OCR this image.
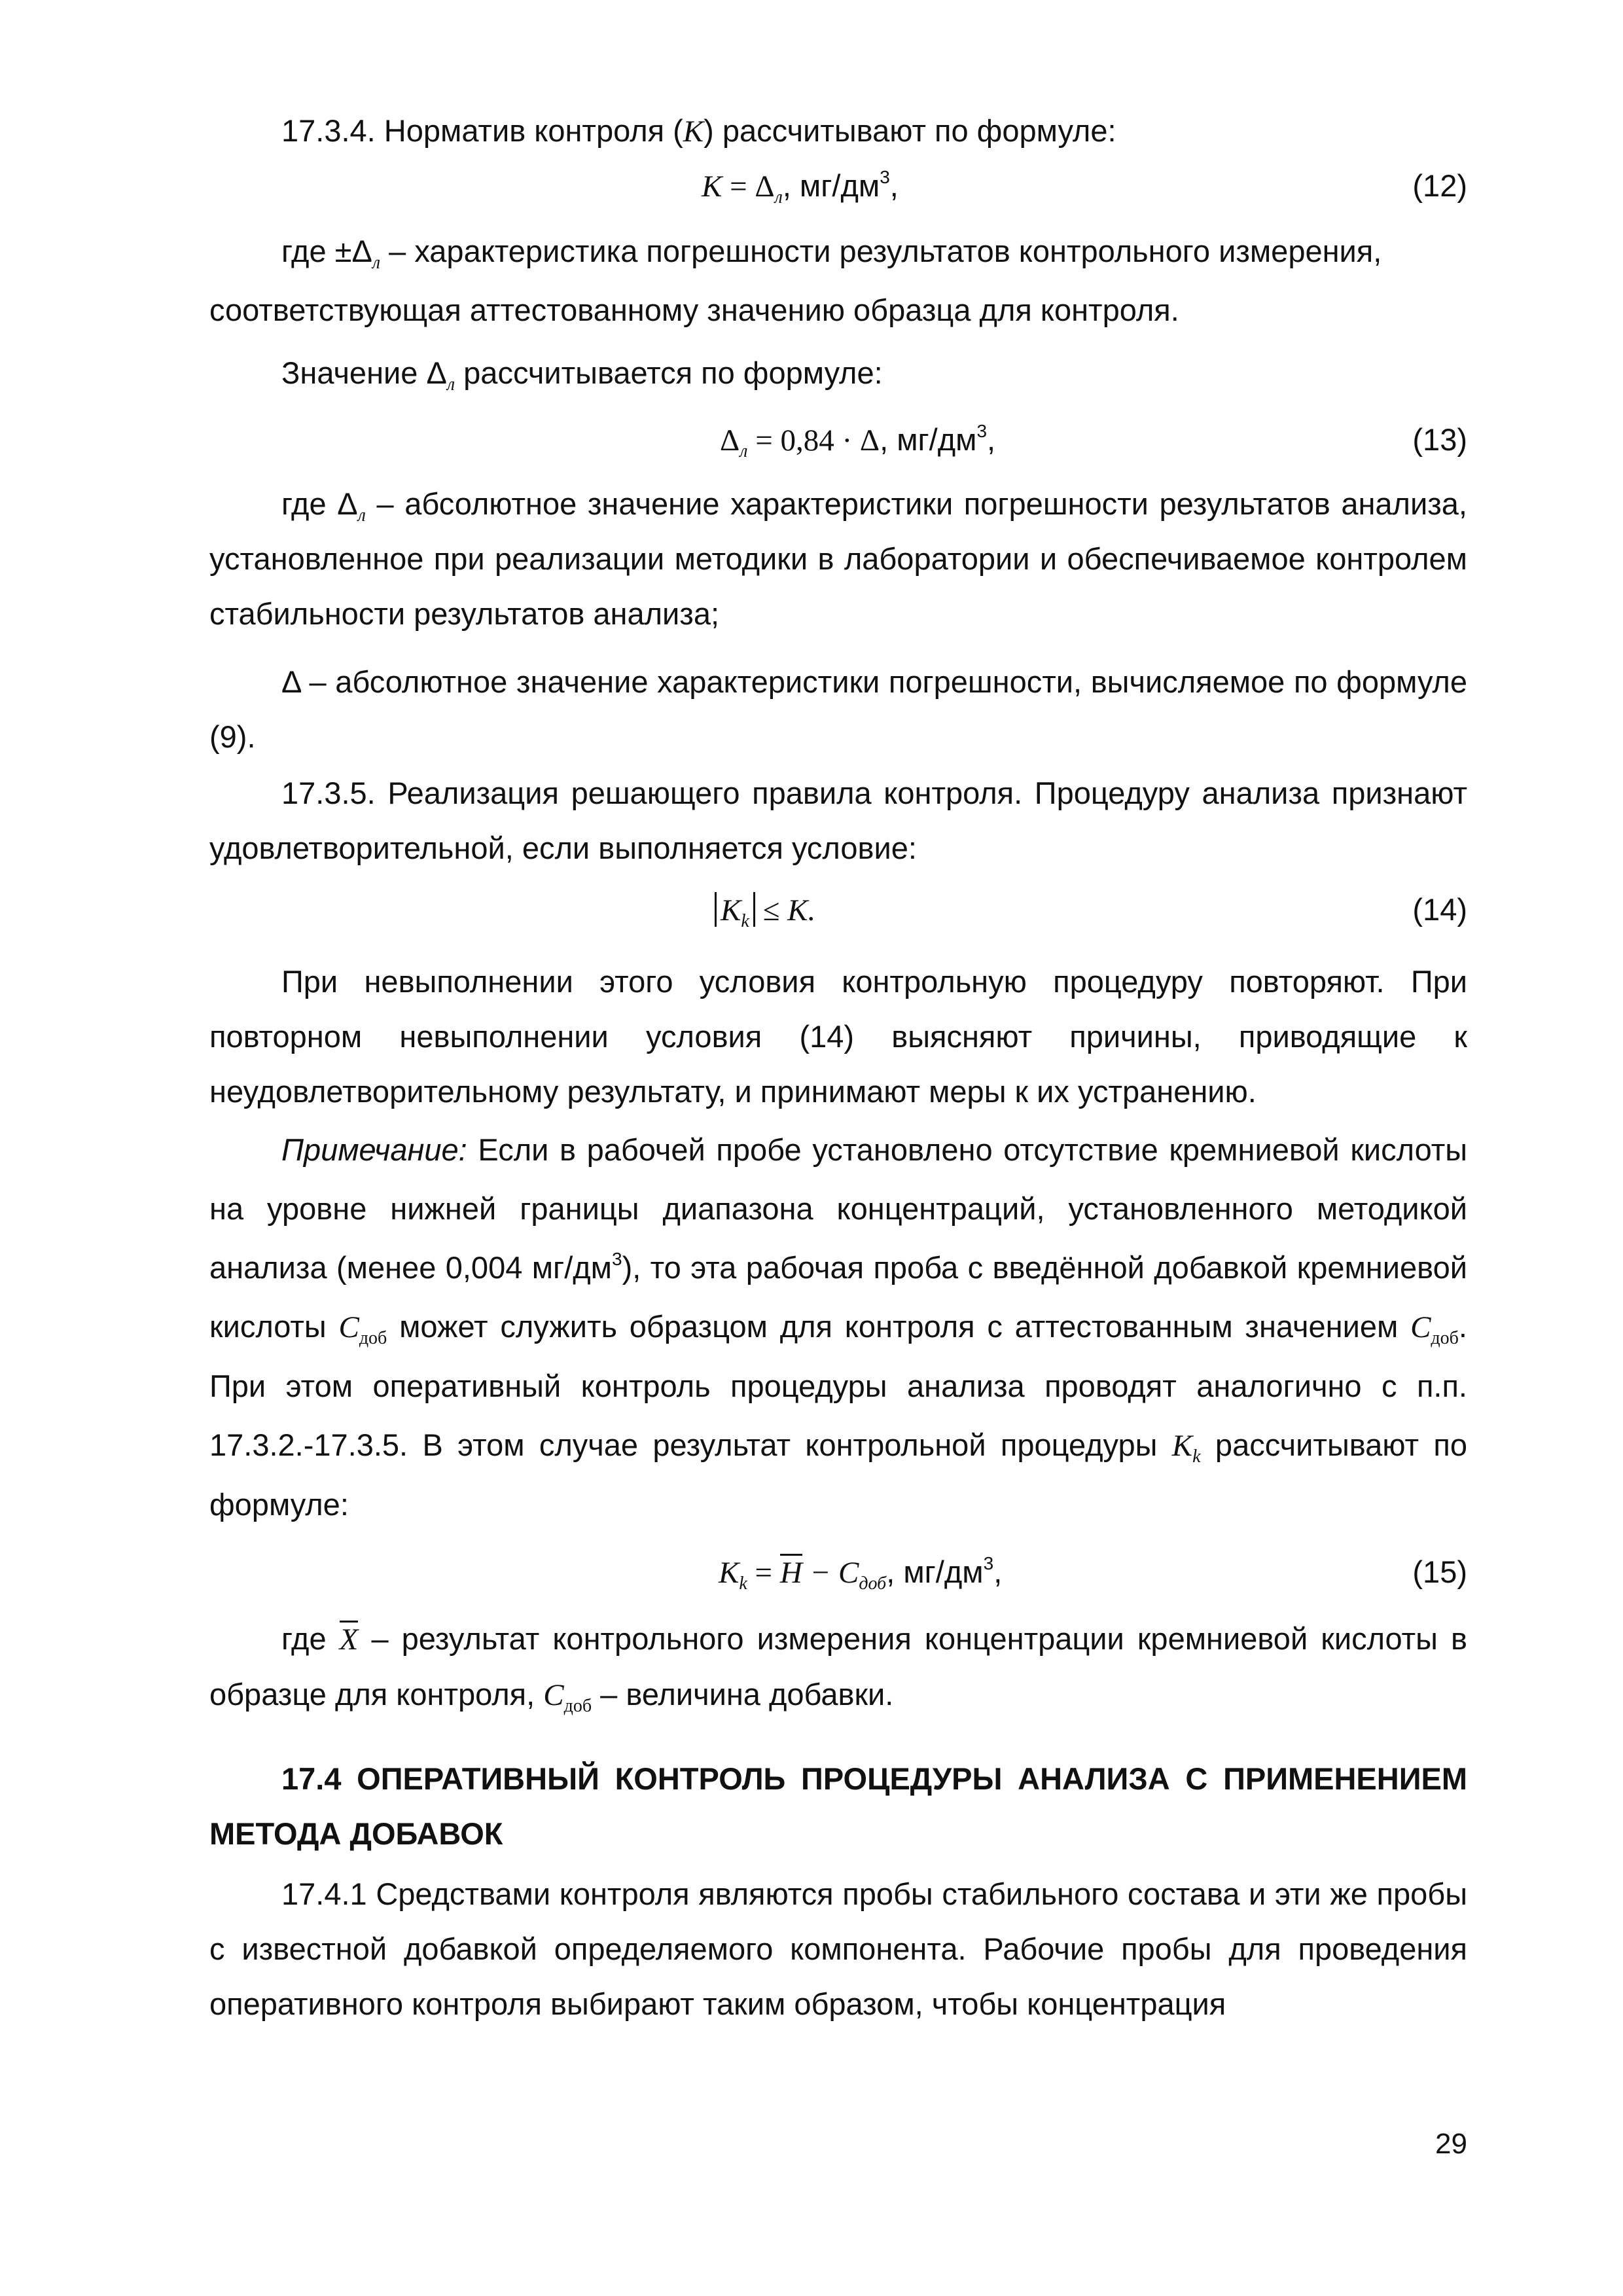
17.3.4. Норматив контроля (K) рассчитывают по формуле:
$K = \Delta_л$, $мг/дм^3$,	(12)
где $\pm\Delta_л$ – характеристика погрешности результатов контрольного измерения,
соответствующая аттестованному значению образца для контроля.
Значение $\Delta_л$ рассчитывается по формуле:
$\Delta_л = 0,84 \cdot \Delta$, $мг/дм^3$,	(13)
где $\Delta_л$ – абсолютное значение характеристики погрешности результатов анализа, установленное при реализации методики в лаборатории и обеспечиваемое контролем стабильности результатов анализа;
Δ – абсолютное значение характеристики погрешности, вычисляемое по формуле (9).
17.3.5. Реализация решающего правила контроля. Процедуру анализа признают удовлетворительной, если выполняется условие:
$K_k \le K$.	(14)
При невыполнении этого условия контрольную процедуру повторяют. При повторном невыполнении условия (14) выясняют причины, приводящие к неудовлетворительному результату, и принимают меры к их устранению.
Примечание: Если в рабочей пробе установлено отсутствие кремниевой кислоты на уровне нижней границы диапазона концентраций, установленного методикой анализа (менее 0,004 $мг/дм^3$), то эта рабочая проба с введённой добавкой кремниевой кислоты $C_{доб}$ может служить образцом для контроля с аттестованным значением $C_{доб}$. При этом оперативный контроль процедуры анализа проводят аналогично с п.п. 17.3.2.-17.3.5. В этом случае результат контрольной процедуры $K_k$ рассчитывают по формуле:
$K_k = H - C_{доб}$, $мг/дм^3$,	(15)
где X – результат контрольного измерения концентрации кремниевой кислоты в образце для контроля, $C_{доб}$ – величина добавки.
17.4 ОПЕРАТИВНЫЙ КОНТРОЛЬ ПРОЦЕДУРЫ АНАЛИЗА С ПРИМЕНЕНИЕМ МЕТОДА ДОБАВОК
17.4.1 Средствами контроля являются пробы стабильного состава и эти же пробы с известной добавкой определяемого компонента. Рабочие пробы для проведения оперативного контроля выбирают таким образом, чтобы концентрация
29
